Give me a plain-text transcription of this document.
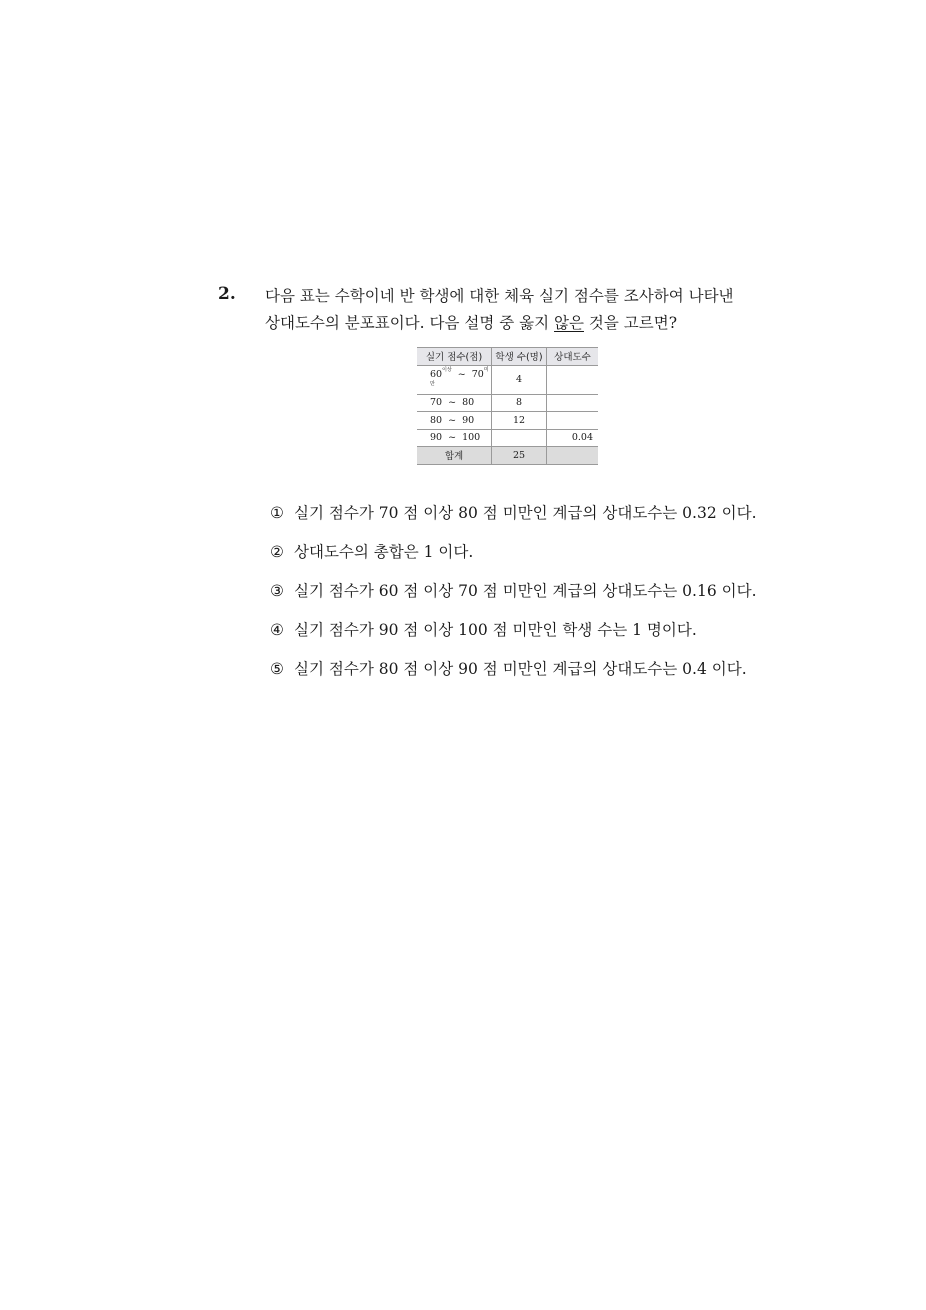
2. 다음 표는 수학이네 반 학생에 대한 체육 실기 점수를 조사하여 나타낸
상대도수의 분포표이다. 다음 설명 중 옳지 않은 것을 고르면?
실기 점수(점)	학생 수(명)	상대도수
$60^{이상}$ ~ $70^{미만}$	4	
70 ~ 80	8	
80 ~ 90	12	
90 ~ 100		0.04
합계	25	
① 실기 점수가 70 점 이상 80 점 미만인 계급의 상대도수는 0.32 이다.
② 상대도수의 총합은 1 이다.
③ 실기 점수가 60 점 이상 70 점 미만인 계급의 상대도수는 0.16 이다.
④ 실기 점수가 90 점 이상 100 점 미만인 학생 수는 1 명이다.
⑤ 실기 점수가 80 점 이상 90 점 미만인 계급의 상대도수는 0.4 이다.
